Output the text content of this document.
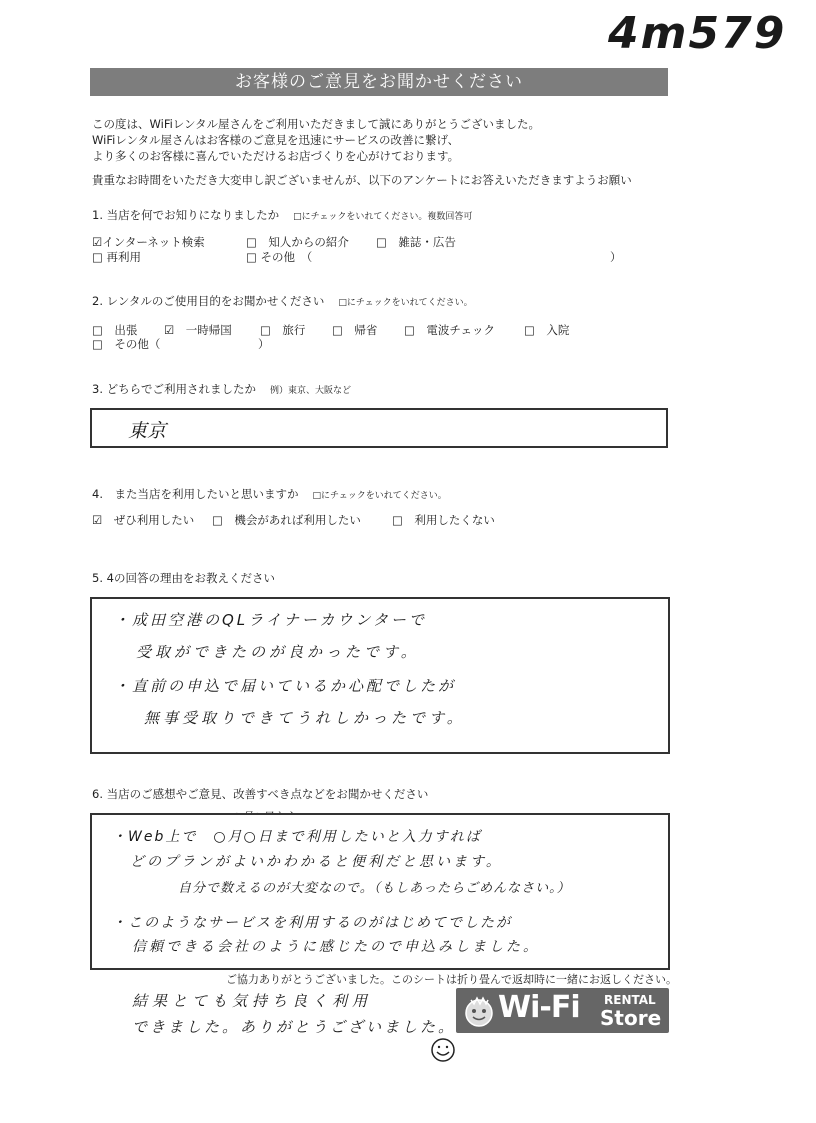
4m579
お客様のご意見をお聞かせください
この度は、WiFiレンタル屋さんをご利用いただきまして誠にありがとうございました。
WiFiレンタル屋さんはお客様のご意見を迅速にサービスの改善に繋げ、
より多くのお客様に喜んでいただけるお店づくりを心がけております。
貴重なお時間をいただき大変申し訳ございませんが、以下のアンケートにお答えいただきますようお願い
1. 当店を何でお知りになりましたか □にチェックをいれてください。複数回答可
☑インターネット検索	□　知人からの紹介 □　雑誌・広告
□ 再利用	□ その他　（	）
2. レンタルのご使用目的をお聞かせください □にチェックをいれてください。
□　出張 ☑　一時帰国 □　旅行 □　帰省 □　電波チェック	□　入院
□　その他（	）
3. どちらでご利用されましたか 例）東京、大阪など
東京
4.　また当店を利用したいと思いますか □にチェックをいれてください。
☑　ぜひ利用したい □　機会があれば利用したい	□　利用したくない
5. 4の回答の理由をお教えください
・成田空港のQLライナーカウンターで
受取ができたのが良かったです。
・直前の申込で届いているか心配でしたが
無事受取りできてうれしかったです。
6. 当店のご感想やご意見、改善すべき点などをお聞かせください
・Web上で　○月○日まで利用したいと入力すれば
どのプランがよいかわかると便利だと思います。
自分で数えるのが大変なので。（もしあったらごめんなさい。）
・このようなサービスを利用するのがはじめてでしたが
信頼できる会社のように感じたので申込みしました。
ご協力ありがとうございました。このシートは折り畳んで返却時に一緒にお返しください。
結果とても気持ち良く利用
できました。ありがとうございました。
Wi-Fi RENTAL
Store
